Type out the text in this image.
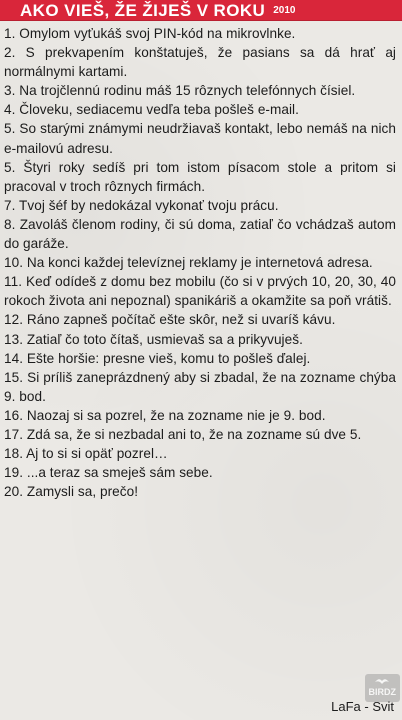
AKO VIEŠ, ŽE ŽIJEŠ V ROKU 2010
1. Omylom vyťukáš svoj PIN-kód na mikrovlnke.
2. S prekvapením konštatuješ, že pasians sa dá hrať aj normálnymi kartami.
3. Na trojčlennú rodinu máš 15 rôznych telefónnych čísiel.
4. Človeku, sediacemu vedľa teba pošleš e-mail.
5. So starými známymi neudržiavaš kontakt, lebo nemáš na nich e-mailovú adresu.
5. Štyri roky sedíš pri tom istom písacom stole a pritom si pracoval v troch rôznych firmách.
7. Tvoj šéf by nedokázal vykonať tvoju prácu.
8. Zavoláš členom rodiny, či sú doma, zatiaľ čo vchádzaš autom do garáže.
10. Na konci každej televíznej reklamy je internetová adresa.
11. Keď odídeš z domu bez mobilu (čo si v prvých 10, 20, 30, 40 rokoch života ani nepoznal) spanikáriš a okamžite sa poň vrátiš.
12. Ráno zapneš počítač ešte skôr, než si uvaríš kávu.
13. Zatiaľ čo toto čítaš, usmievaš sa a prikyvuješ.
14. Ešte horšie: presne vieš, komu to pošleš ďalej.
15. Si príliš zaneprázdnený aby si zbadal, že na zozname chýba 9. bod.
16. Naozaj si sa pozrel, že na zozname nie je 9. bod.
17. Zdá sa, že si nezbadal ani to, že na zozname sú dve 5.
18. Aj to si si opäť pozrel…
19. ...a teraz sa smeješ sám sebe.
20. Zamysli sa, prečo!
BIRDZ
LaFa - Svit
